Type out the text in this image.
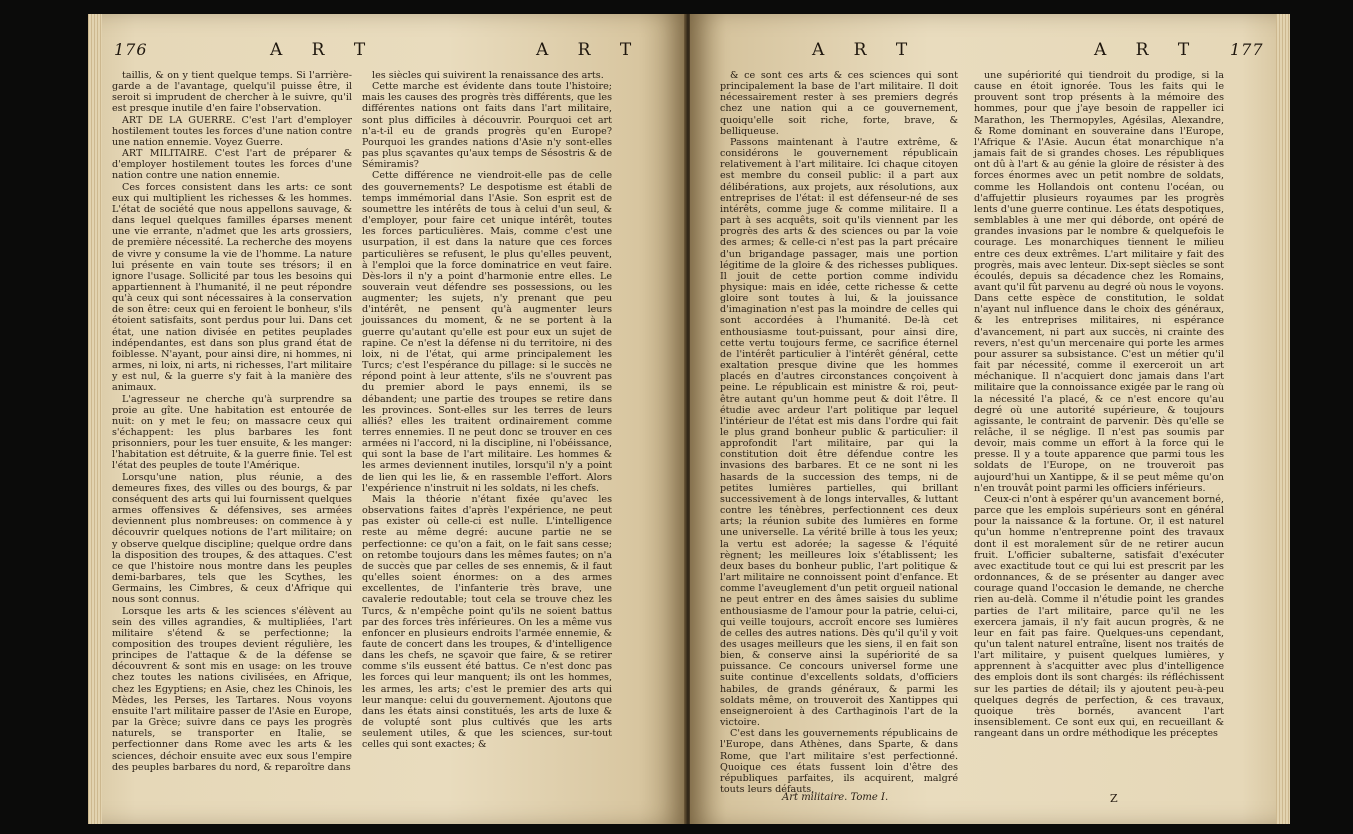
176	A R T	A R T

taillis, & on y tient quelque temps. Si l'arrière-garde a de l'avantage, quelqu'il puisse être, il seroit si imprudent de chercher à le suivre, qu'il est presque inutile d'en faire l'observation.

ART DE LA GUERRE. C'est l'art d'employer hostilement toutes les forces d'une nation contre une nation ennemie. Voyez Guerre.

ART MILITAIRE. C'est l'art de préparer & d'employer hostilement toutes les forces d'une nation contre une nation ennemie.

Ces forces consistent dans les arts: ce sont eux qui multiplient les richesses & les hommes. L'état de société que nous appellons sauvage, & dans lequel quelques familles éparses menent une vie errante, n'admet que les arts grossiers, de première nécessité. La recherche des moyens de vivre y consume la vie de l'homme. La nature lui présente en vain toute ses trésors; il en ignore l'usage. Sollicité par tous les besoins qui appartiennent à l'humanité, il ne peut répondre qu'à ceux qui sont nécessaires à la conservation de son être: ceux qui en feroient le bonheur, s'ils étoient satisfaits, sont perdus pour lui. Dans cet état, une nation divisée en petites peuplades indépendantes, est dans son plus grand état de foiblesse. N'ayant, pour ainsi dire, ni hommes, ni armes, ni loix, ni arts, ni richesses, l'art militaire y est nul, & la guerre s'y fait à la manière des animaux.

L'agresseur ne cherche qu'à surprendre sa proie au gîte. Une habitation est entourée de nuit: on y met le feu; on massacre ceux qui s'échappent: les plus barbares les font prisonniers, pour les tuer ensuite, & les manger: l'habitation est détruite, & la guerre finie. Tel est l'état des peuples de toute l'Amérique.

Lorsqu'une nation, plus réunie, a des demeures fixes, des villes ou des bourgs, & par conséquent des arts qui lui fournissent quelques armes offensives & défensives, ses armées deviennent plus nombreuses: on commence à y découvrir quelques notions de l'art militaire; on y observe quelque discipline; quelque ordre dans la disposition des troupes, & des attaques. C'est ce que l'histoire nous montre dans les peuples demi-barbares, tels que les Scythes, les Germains, les Cimbres, & ceux d'Afrique qui nous sont connus.

Lorsque les arts & les sciences s'élèvent au sein des villes agrandies, & multipliées, l'art militaire s'étend & se perfectionne; la composition des troupes devient régulière, les principes de l'attaque & de la défense se découvrent & sont mis en usage: on les trouve chez toutes les nations civilisées, en Afrique, chez les Egyptiens; en Asie, chez les Chinois, les Mèdes, les Perses, les Tartares. Nous voyons ensuite l'art militaire passer de l'Asie en Europe, par la Grèce; suivre dans ce pays les progrès naturels, se transporter en Italie, se perfectionner dans Rome avec les arts & les sciences, déchoir ensuite avec eux sous l'empire des peuples barbares du nord, & reparoître dans

les siècles qui suivirent la renaissance des arts.

Cette marche est évidente dans toute l'histoire; mais les causes des progrès très différents, que les différentes nations ont faits dans l'art militaire, sont plus difficiles à découvrir. Pourquoi cet art n'a-t-il eu de grands progrès qu'en Europe? Pourquoi les grandes nations d'Asie n'y sont-elles pas plus sçavantes qu'aux temps de Sésostris & de Sémiramis?

Cette différence ne viendroit-elle pas de celle des gouvernements? Le despotisme est établi de temps immémorial dans l'Asie. Son esprit est de soumettre les intérêts de tous à celui d'un seul, & d'employer, pour faire cet unique intérêt, toutes les forces particulières. Mais, comme c'est une usurpation, il est dans la nature que ces forces particulières se refusent, le plus qu'elles peuvent, à l'emploi que la force dominatrice en veut faire. Dès-lors il n'y a point d'harmonie entre elles. Le souverain veut défendre ses possessions, ou les augmenter; les sujets, n'y prenant que peu d'intérêt, ne pensent qu'à augmenter leurs jouissances du moment, & ne se portent à la guerre qu'autant qu'elle est pour eux un sujet de rapine. Ce n'est la défense ni du territoire, ni des loix, ni de l'état, qui arme principalement les Turcs; c'est l'espérance du pillage: si le succès ne répond point à leur attente, s'ils ne s'ouvrent pas du premier abord le pays ennemi, ils se débandent; une partie des troupes se retire dans les provinces. Sont-elles sur les terres de leurs alliés? elles les traitent ordinairement comme terres ennemies. Il ne peut donc se trouver en ces armées ni l'accord, ni la discipline, ni l'obéissance, qui sont la base de l'art militaire. Les hommes & les armes deviennent inutiles, lorsqu'il n'y a point de lien qui les lie, & en rassemble l'effort. Alors l'expérience n'instruit ni les soldats, ni les chefs.

Mais la théorie n'étant fixée qu'avec les observations faites d'après l'expérience, ne peut pas exister où celle-ci est nulle. L'intelligence reste au même degré: aucune partie ne se perfectionne: ce qu'on a fait, on le fait sans cesse; on retombe toujours dans les mêmes fautes; on n'a de succès que par celles de ses ennemis, & il faut qu'elles soient énormes: on a des armes excellentes, de l'infanterie très brave, une cavalerie redoutable; tout cela se trouve chez les Turcs, & n'empêche point qu'ils ne soient battus par des forces très inférieures. On les a même vus enfoncer en plusieurs endroits l'armée ennemie, & faute de concert dans les troupes, & d'intelligence dans les chefs, ne sçavoir que faire, & se retirer comme s'ils eussent été battus. Ce n'est donc pas les forces qui leur manquent; ils ont les hommes, les armes, les arts; c'est le premier des arts qui leur manque: celui du gouvernement. Ajoutons que dans les états ainsi constitués, les arts de luxe & de volupté sont plus cultivés que les arts seulement utiles, & que les sciences, sur-tout celles qui sont exactes; &

A R T	A R T 177

& ce sont ces arts & ces sciences qui sont principalement la base de l'art militaire. Il doit nécessairement rester à ses premiers degrés chez une nation qui a ce gouvernement, quoiqu'elle soit riche, forte, brave, & belliqueuse.

Passons maintenant à l'autre extrême, & considérons le gouvernement républicain relativement à l'art militaire. Ici chaque citoyen est membre du conseil public: il a part aux délibérations, aux projets, aux résolutions, aux entreprises de l'état: il est défenseur-né de ses intérêts, comme juge & comme militaire. Il a part à ses acquêts, soit qu'ils viennent par les progrès des arts & des sciences ou par la voie des armes; & celle-ci n'est pas la part précaire d'un brigandage passager, mais une portion légitime de la gloire & des richesses publiques. Il jouit de cette portion comme individu physique: mais en idée, cette richesse & cette gloire sont toutes à lui, & la jouissance d'imagination n'est pas la moindre de celles qui sont accordées à l'humanité. De-là cet enthousiasme tout-puissant, pour ainsi dire, cette vertu toujours ferme, ce sacrifice éternel de l'intérêt particulier à l'intérêt général, cette exaltation presque divine que les hommes placés en d'autres circonstances conçoivent à peine. Le républicain est ministre & roi, peut-être autant qu'un homme peut & doit l'être. Il étudie avec ardeur l'art politique par lequel l'intérieur de l'état est mis dans l'ordre qui fait le plus grand bonheur public & particulier: il approfondit l'art militaire, par qui la constitution doit être défendue contre les invasions des barbares. Et ce ne sont ni les hasards de la succession des temps, ni de petites lumières partielles, qui brillant successivement à de longs intervalles, & luttant contre les ténèbres, perfectionnent ces deux arts; la réunion subite des lumières en forme une universelle. La vérité brille à tous les yeux; la vertu est adorée; la sagesse & l'équité règnent; les meilleures loix s'établissent; les deux bases du bonheur public, l'art politique & l'art militaire ne connoissent point d'enfance. Et comme l'aveuglement d'un petit orgueil national ne peut entrer en des âmes saisies du sublime enthousiasme de l'amour pour la patrie, celui-ci, qui veille toujours, accroît encore ses lumières de celles des autres nations. Dès qu'il qu'il y voit des usages meilleurs que les siens, il en fait son bien, & conserve ainsi la supériorité de sa puissance. Ce concours universel forme une suite continue d'excellents soldats, d'officiers habiles, de grands généraux, & parmi les soldats même, on trouveroit des Xantippes qui enseigneroient à des Carthaginois l'art de la victoire.

C'est dans les gouvernements républicains de l'Europe, dans Athènes, dans Sparte, & dans Rome, que l'art militaire s'est perfectionné. Quoique ces états fussent loin d'être des républiques parfaites, ils acquirent, malgré touts leurs défauts,

une supériorité qui tiendroit du prodige, si la cause en étoit ignorée. Tous les faits qui le prouvent sont trop présents à la mémoire des hommes, pour que j'aye besoin de rappeller ici Marathon, les Thermopyles, Agésilas, Alexandre, & Rome dominant en souveraine dans l'Europe, l'Afrique & l'Asie. Aucun état monarchique n'a jamais fait de si grandes choses. Les républiques ont dû à l'art & au génie la gloire de résister à des forces énormes avec un petit nombre de soldats, comme les Hollandois ont contenu l'océan, ou d'affujettir plusieurs royaumes par les progrès lents d'une guerre continue. Les états despotiques, semblables à une mer qui déborde, ont opéré de grandes invasions par le nombre & quelquefois le courage. Les monarchiques tiennent le milieu entre ces deux extrêmes. L'art militaire y fait des progrès, mais avec lenteur. Dix-sept siècles se sont écoulés, depuis sa décadence chez les Romains, avant qu'il fût parvenu au degré où nous le voyons. Dans cette espèce de constitution, le soldat n'ayant nul influence dans le choix des généraux, & les entreprises militaires, ni espérance d'avancement, ni part aux succès, ni crainte des revers, n'est qu'un mercenaire qui porte les armes pour assurer sa subsistance. C'est un métier qu'il fait par nécessité, comme il exerceroit un art méchanique. Il n'acquiert donc jamais dans l'art militaire que la connoissance exigée par le rang où la nécessité l'a placé, & ce n'est encore qu'au degré où une autorité supérieure, & toujours agissante, le contraint de parvenir. Dès qu'elle se relâche, il se néglige. Il n'est pas soumis par devoir, mais comme un effort à la force qui le presse. Il y a toute apparence que parmi tous les soldats de l'Europe, on ne trouveroit pas aujourd'hui un Xantippe, & il se peut même qu'on n'en trouvât point parmi les officiers inférieurs.

Ceux-ci n'ont à espérer qu'un avancement borné, parce que les emplois supérieurs sont en général pour la naissance & la fortune. Or, il est naturel qu'un homme n'entreprenne point des travaux dont il est moralement sûr de ne retirer aucun fruit. L'officier subalterne, satisfait d'exécuter avec exactitude tout ce qui lui est prescrit par les ordonnances, & de se présenter au danger avec courage quand l'occasion le demande, ne cherche rien au-delà. Comme il n'étudie point les grandes parties de l'art militaire, parce qu'il ne les exercera jamais, il n'y fait aucun progrès, & ne leur en fait pas faire. Quelques-uns cependant, qu'un talent naturel entraîne, lisent nos traités de l'art militaire, y puisent quelques lumières, y apprennent à s'acquitter avec plus d'intelligence des emplois dont ils sont chargés: ils réfléchissent sur les parties de détail; ils y ajoutent peu-à-peu quelques degrés de perfection, & ces travaux, quoique très bornés, avancent l'art insensiblement. Ce sont eux qui, en recueillant & rangeant dans un ordre méthodique les préceptes

Art militaire. Tome I.	Z
